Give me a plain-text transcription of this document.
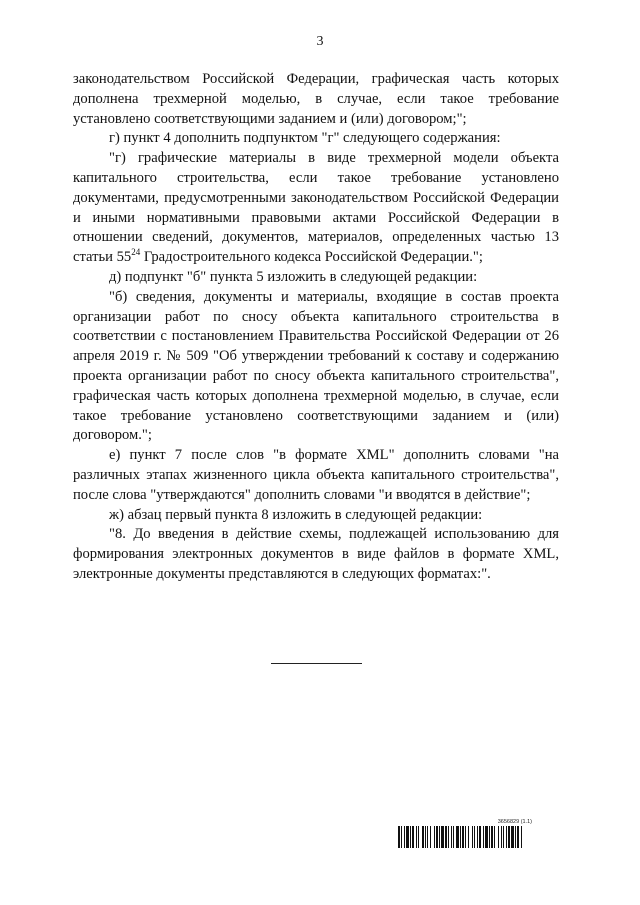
3

законодательством Российской Федерации, графическая часть которых дополнена трехмерной моделью, в случае, если такое требование установлено соответствующими заданием и (или) договором;";

г) пункт 4 дополнить подпунктом "г" следующего содержания:

"г) графические материалы в виде трехмерной модели объекта капитального строительства, если такое требование установлено документами, предусмотренными законодательством Российской Федерации и иными нормативными правовыми актами Российской Федерации в отношении сведений, документов, материалов, определенных частью 13 статьи $55^{24}$ Градостроительного кодекса Российской Федерации.";

д) подпункт "б" пункта 5 изложить в следующей редакции:

"б) сведения, документы и материалы, входящие в состав проекта организации работ по сносу объекта капитального строительства в соответствии с постановлением Правительства Российской Федерации от 26 апреля 2019 г. № 509 "Об утверждении требований к составу и содержанию проекта организации работ по сносу объекта капитального строительства", графическая часть которых дополнена трехмерной моделью, в случае, если такое требование установлено соответствующими заданием и (или) договором.";

е) пункт 7 после слов "в формате XML" дополнить словами "на различных этапах жизненного цикла объекта капитального строительства", после слова "утверждаются" дополнить словами "и вводятся в действие";

ж) абзац первый пункта 8 изложить в следующей редакции:

"8. До введения в действие схемы, подлежащей использованию для формирования электронных документов в виде файлов в формате XML, электронные документы представляются в следующих форматах:".

3656829 (1.1)
